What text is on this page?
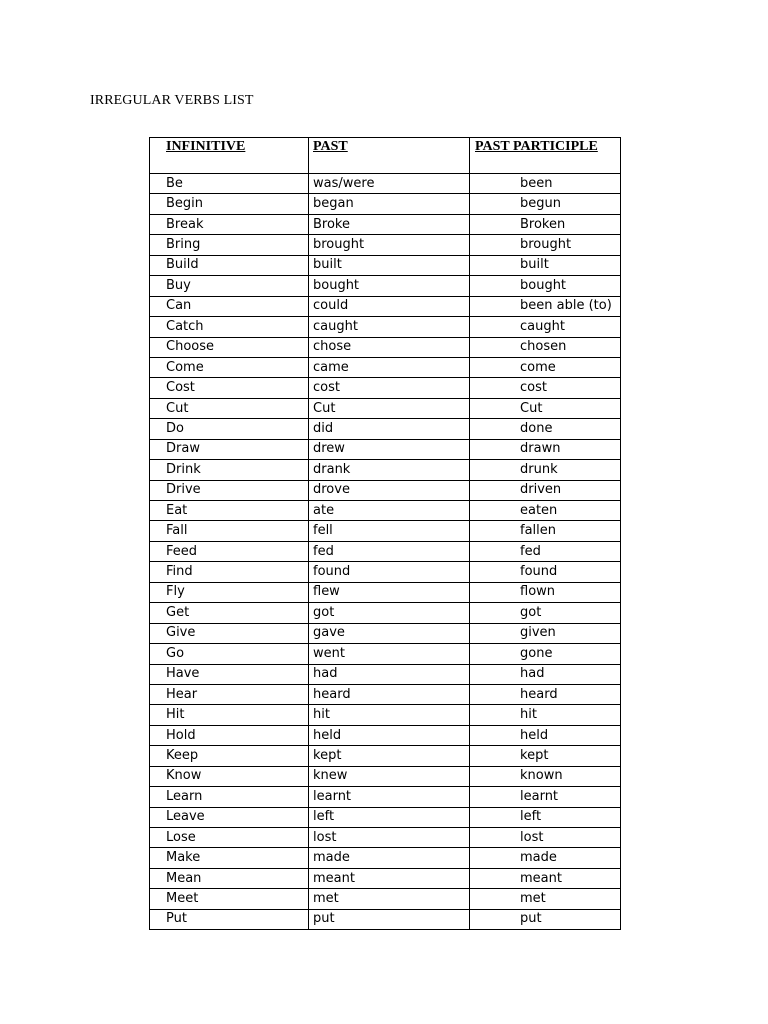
IRREGULAR VERBS LIST
INFINITIVE	PAST	PAST PARTICIPLE
Be	was/were	been
Begin	began	begun
Break	Broke	Broken
Bring	brought	brought
Build	built	built
Buy	bought	bought
Can	could	been able (to)
Catch	caught	caught
Choose	chose	chosen
Come	came	come
Cost	cost	cost
Cut	Cut	Cut
Do	did	done
Draw	drew	drawn
Drink	drank	drunk
Drive	drove	driven
Eat	ate	eaten
Fall	fell	fallen
Feed	fed	fed
Find	found	found
Fly	flew	flown
Get	got	got
Give	gave	given
Go	went	gone
Have	had	had
Hear	heard	heard
Hit	hit	hit
Hold	held	held
Keep	kept	kept
Know	knew	known
Learn	learnt	learnt
Leave	left	left
Lose	lost	lost
Make	made	made
Mean	meant	meant
Meet	met	met
Put	put	put
